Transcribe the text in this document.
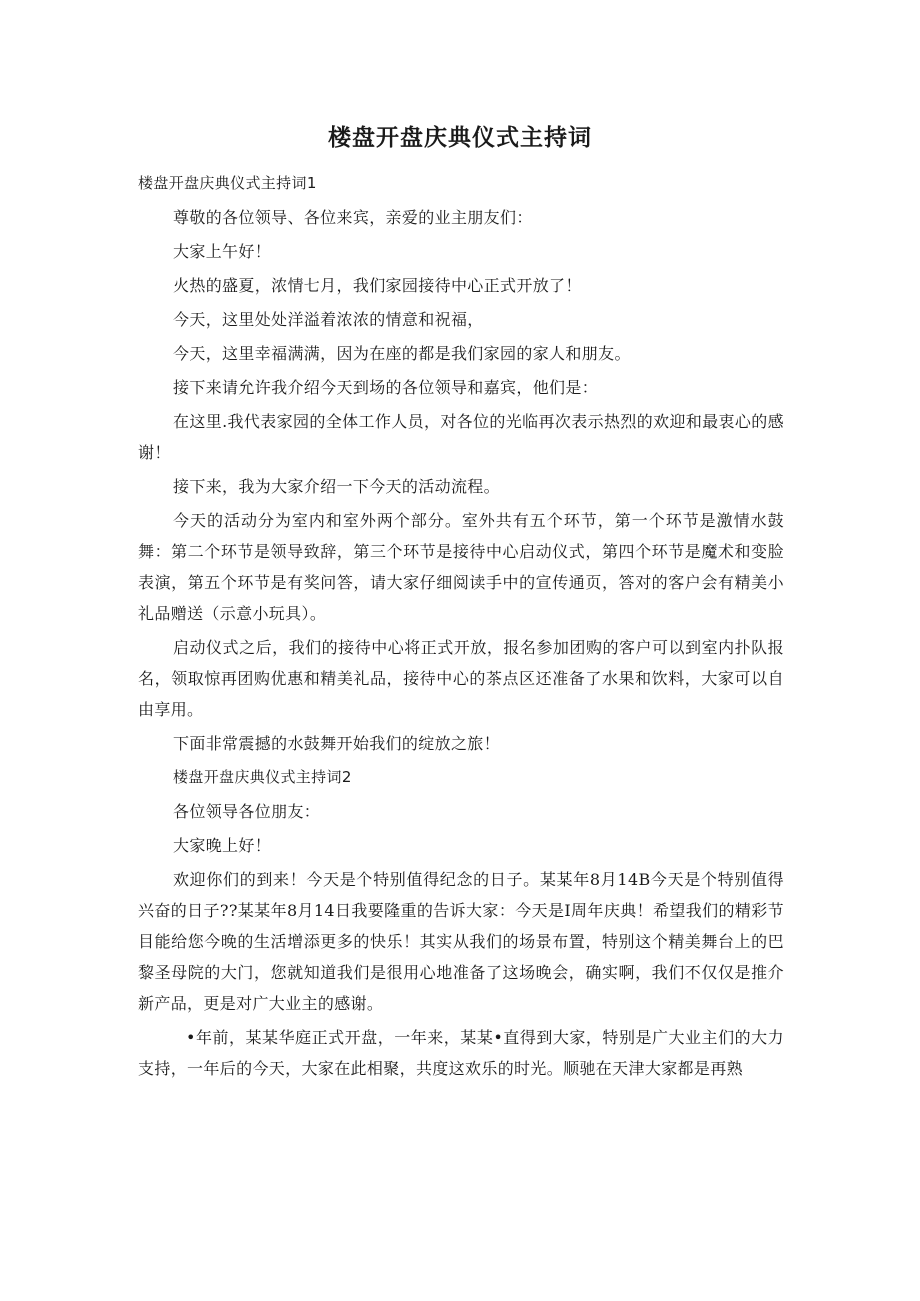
楼盘开盘庆典仪式主持词

楼盘开盘庆典仪式主持词1

尊敬的各位领导、各位来宾，亲爱的业主朋友们：

大家上午好！

火热的盛夏，浓情七月，我们家园接待中心正式开放了！

今天，这里处处洋溢着浓浓的情意和祝福，

今天，这里幸福满满，因为在座的都是我们家园的家人和朋友。

接下来请允许我介绍今天到场的各位领导和嘉宾，他们是：

在这里.我代表家园的全体工作人员，对各位的光临再次表示热烈的欢迎和最衷心的感谢！

接下来，我为大家介绍一下今天的活动流程。

今天的活动分为室内和室外两个部分。室外共有五个环节，第一个环节是激情水鼓舞：第二个环节是领导致辞，第三个环节是接待中心启动仪式，第四个环节是魔术和变脸表演，第五个环节是有奖问答，请大家仔细阅读手中的宣传通页，答对的客户会有精美小礼品赠送（示意小玩具）。

启动仪式之后，我们的接待中心将正式开放，报名参加团购的客户可以到室内扑队报名，领取惊再团购优惠和精美礼品，接待中心的茶点区还准备了水果和饮料，大家可以自由享用。

下面非常震撼的水鼓舞开始我们的绽放之旅！

楼盘开盘庆典仪式主持词2

各位领导各位朋友：

大家晚上好！

欢迎你们的到来！今天是个特别值得纪念的日子。某某年8月14B今天是个特别值得兴奋的日子??某某年8月14日我要隆重的告诉大家：今天是I周年庆典！希望我们的精彩节目能给您今晚的生活增添更多的快乐！其实从我们的场景布置，特别这个精美舞台上的巴黎圣母院的大门，您就知道我们是很用心地准备了这场晚会，确实啊，我们不仅仅是推介新产品，更是对广大业主的感谢。

•年前，某某华庭正式开盘，一年来，某某•直得到大家，特别是广大业主们的大力支持，一年后的今天，大家在此相聚，共度这欢乐的时光。顺驰在天津大家都是再熟
